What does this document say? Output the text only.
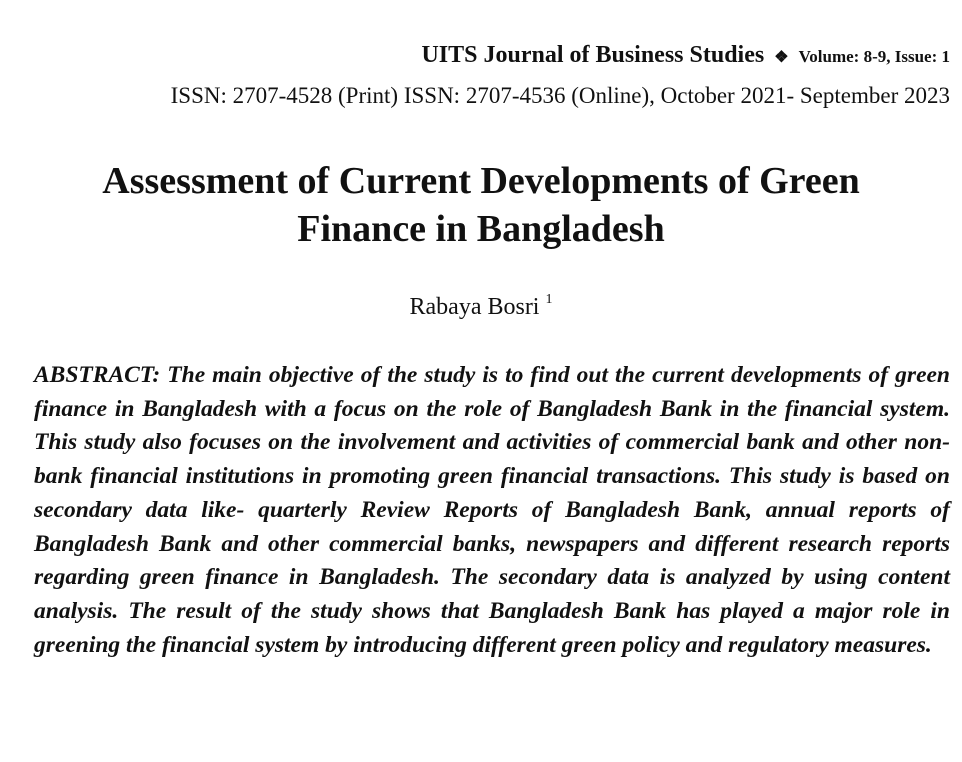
UITS Journal of Business Studies ❖ Volume: 8-9, Issue: 1
ISSN: 2707-4528 (Print) ISSN: 2707-4536 (Online), October 2021- September 2023
Assessment of Current Developments of Green
Finance in Bangladesh
Rabaya Bosri $^1$

ABSTRACT: The main objective of the study is to find out the current developments of green finance in Bangladesh with a focus on the role of Bangladesh Bank in the financial system. This study also focuses on the involvement and activities of commercial bank and other non-bank financial institutions in promoting green financial transactions. This study is based on secondary data like- quarterly Review Reports of Bangladesh Bank, annual reports of Bangladesh Bank and other commercial banks, newspapers and different research reports regarding green finance in Bangladesh. The secondary data is analyzed by using content analysis. The result of the study shows that Bangladesh Bank has played a major role in greening the financial system by introducing different green policy and regulatory measures.
